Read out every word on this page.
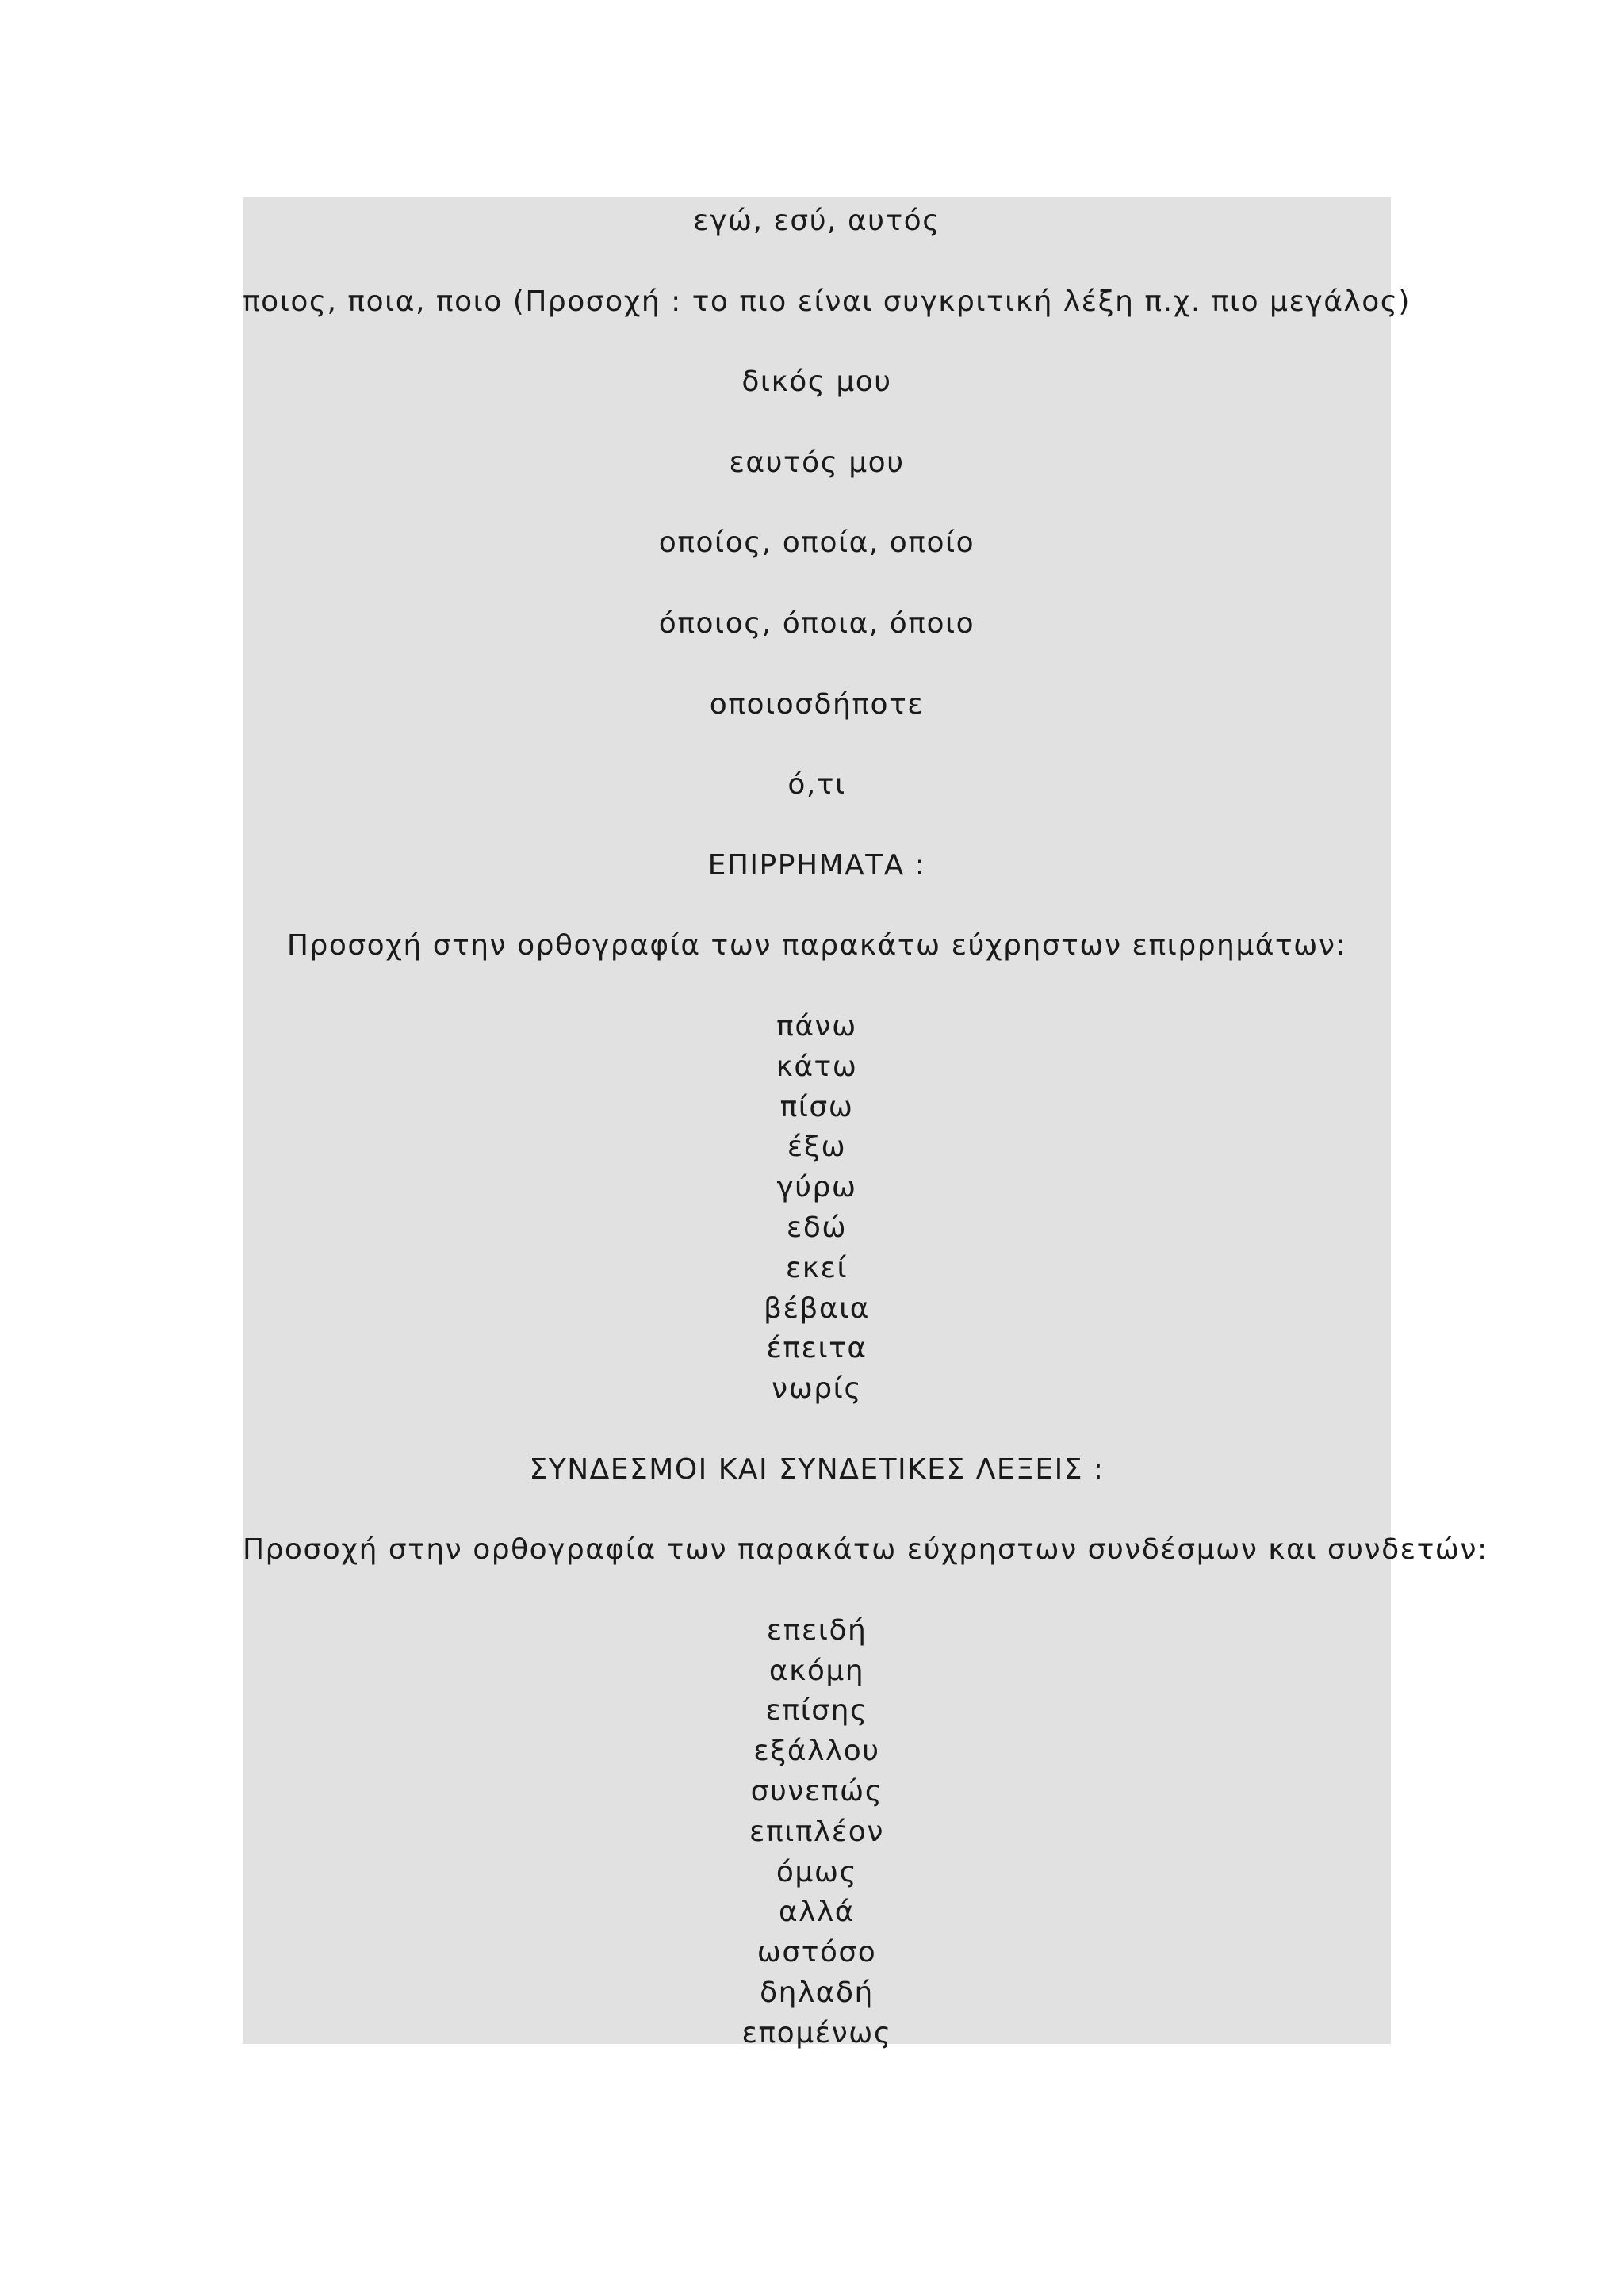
εγώ, εσύ, αυτός
ποιος, ποια, ποιο (Προσοχή : το πιο είναι συγκριτική λέξη π.χ. πιο μεγάλος)
δικός μου
εαυτός μου
οποίος, οποία, οποίο
όποιος, όποια, όποιο
οποιοσδήποτε
ό,τι
ΕΠΙΡΡΗΜΑΤΑ :
Προσοχή στην ορθογραφία των παρακάτω εύχρηστων επιρρημάτων:
πάνω
κάτω
πίσω
έξω
γύρω
εδώ
εκεί
βέβαια
έπειτα
νωρίς
ΣΥΝΔΕΣΜΟΙ ΚΑΙ ΣΥΝΔΕΤΙΚΕΣ ΛΕΞΕΙΣ :
Προσοχή στην ορθογραφία των παρακάτω εύχρηστων συνδέσμων και συνδετών:
επειδή
ακόμη
επίσης
εξάλλου
συνεπώς
επιπλέον
όμως
αλλά
ωστόσο
δηλαδή
επομένως
